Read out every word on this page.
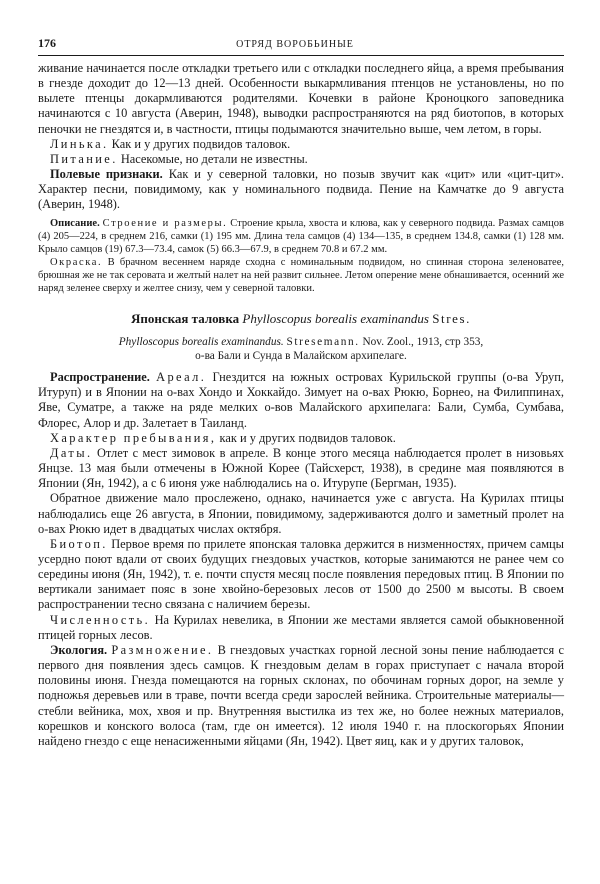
176	ОТРЯД ВОРОБЬИНЫЕ

живание начинается после откладки третьего или с откладки последнего яйца, а время пребывания в гнезде доходит до 12—13 дней. Особенности выкармливания птенцов не установлены, но по вылете птенцы докармливаются родителями. Кочевки в районе Кроноцкого заповедника начинаются с 10 августа (Аверин, 1948), выводки распространяются на ряд биотопов, в которых пеночки не гнездятся и, в частности, птицы подымаются значительно выше, чем летом, в горы.

Линька. Как и у других подвидов таловок.

Питание. Насекомые, но детали не известны.

Полевые признаки. Как и у северной таловки, но позыв звучит как «цит» или «цит-цит». Характер песни, повидимому, как у номинального подвида. Пение на Камчатке до 9 августа (Аверин, 1948).

Описание. Строение и размеры. Строение крыла, хвоста и клюва, как у северного подвида. Размах самцов (4) 205—224, в среднем 216, самки (1) 195 мм. Длина тела самцов (4) 134—135, в среднем 134.8, самки (1) 128 мм. Крыло самцов (19) 67.3—73.4, самок (5) 66.3—67.9, в среднем 70.8 и 67.2 мм.

Окраска. В брачном весеннем наряде сходна с номинальным подвидом, но спинная сторона зеленоватее, брюшная же не так серовата и желтый налет на ней развит сильнее. Летом оперение мене обнашивается, осенний же наряд зеленее сверху и желтее снизу, чем у северной таловки.

Японская таловка Phylloscopus borealis examinandus Stres.
Phylloscopus borealis examinandus. Stresemann. Nov. Zool., 1913, стр 353,
о-ва Бали и Сунда в Малайском архипелаге.

Распространение. Ареал. Гнездится на южных островах Курильской группы (о-ва Уруп, Итуруп) и в Японии на о-вах Хондо и Хоккайдо. Зимует на о-вах Рюкю, Борнео, на Филиппинах, Яве, Суматре, а также на ряде мелких о-вов Малайского архипелага: Бали, Сумба, Сумбава, Флорес, Алор и др. Залетает в Таиланд.

Характер пребывания, как и у других подвидов таловок.

Даты. Отлет с мест зимовок в апреле. В конце этого месяца наблюдается пролет в низовьях Янцзе. 13 мая были отмечены в Южной Корее (Тайсхерст, 1938), в средине мая появляются в Японии (Ян, 1942), а с 6 июня уже наблюдались на о. Итурупе (Бергман, 1935).

Обратное движение мало прослежено, однако, начинается уже с августа. На Курилах птицы наблюдались еще 26 августа, в Японии, повидимому, задерживаются долго и заметный пролет на о-вах Рюкю идет в двадцатых числах октября.

Биотоп. Первое время по прилете японская таловка держится в низменностях, причем самцы усердно поют вдали от своих будущих гнездовых участков, которые занимаются не ранее чем со середины июня (Ян, 1942), т. е. почти спустя месяц после появления передовых птиц. В Японии по вертикали занимает пояс в зоне хвойно-березовых лесов от 1500 до 2500 м высоты. В своем распространении тесно связана с наличием березы.

Численность. На Курилах невелика, в Японии же местами является самой обыкновенной птицей горных лесов.

Экология. Размножение. В гнездовых участках горной лесной зоны пение наблюдается с первого дня появления здесь самцов. К гнездовым делам в горах приступает с начала второй половины июня. Гнезда помещаются на горных склонах, по обочинам горных дорог, на земле у подножья деревьев или в траве, почти всегда среди зарослей вейника. Строительные материалы—стебли вейника, мох, хвоя и пр. Внутренняя выстилка из тех же, но более нежных материалов, корешков и конского волоса (там, где он имеется). 12 июля 1940 г. на плоскогорьях Японии найдено гнездо с еще ненасиженными яйцами (Ян, 1942). Цвет яиц, как и у других таловок,
